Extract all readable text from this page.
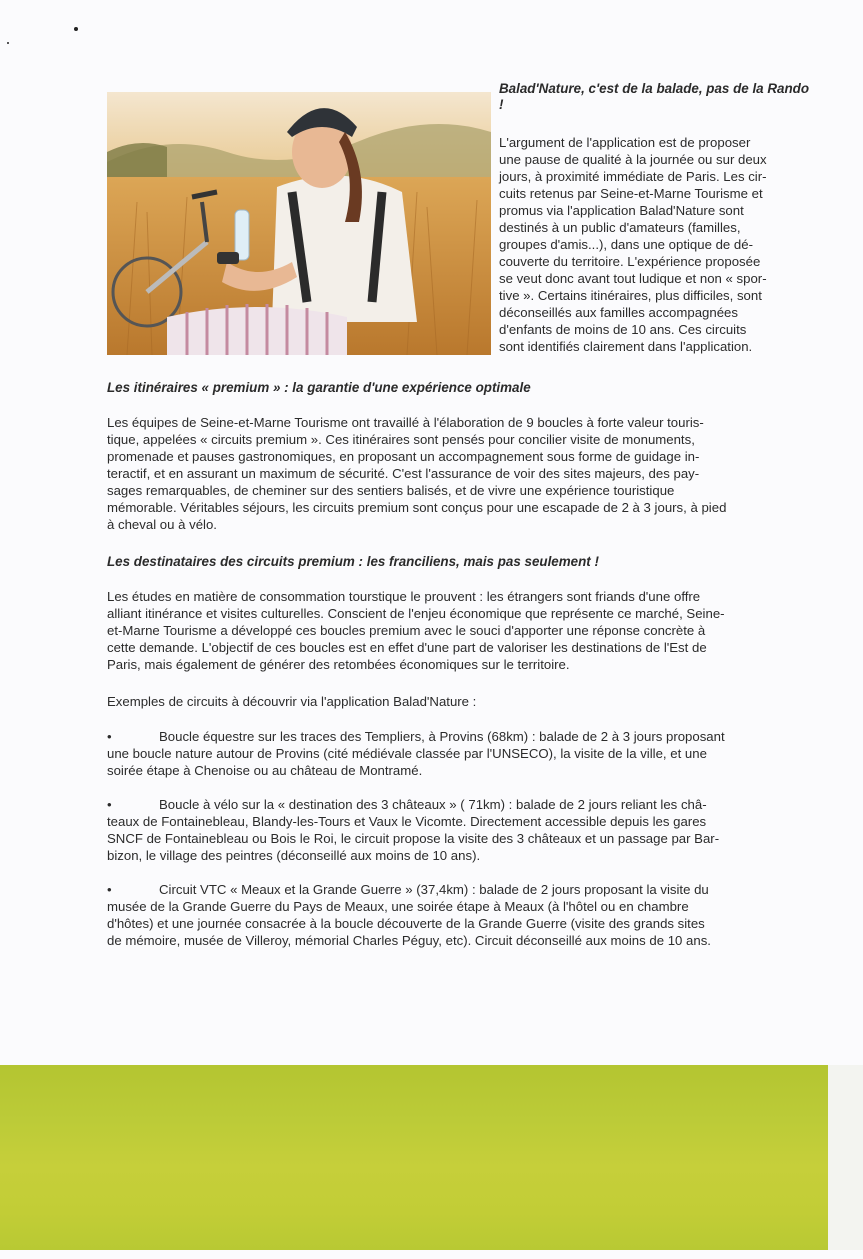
Balad'Nature, c'est de la balade, pas de la Rando !

L'argument de l'application est de proposer

une pause de qualité à la journée ou sur deux

jours, à proximité immédiate de Paris. Les cir-

cuits retenus par Seine-et-Marne Tourisme et

promus via l'application Balad'Nature sont

destinés à un public d'amateurs (familles,

groupes d'amis...), dans une optique de dé-

couverte du territoire. L'expérience proposée

se veut donc avant tout ludique et non « spor-

tive ». Certains itinéraires, plus difficiles, sont

déconseillés aux familles accompagnées

d'enfants de moins de 10 ans. Ces circuits

sont identifiés clairement dans l'application.

Les itinéraires « premium » : la garantie d'une expérience optimale

Les équipes de Seine-et-Marne Tourisme ont travaillé à l'élaboration de 9 boucles à forte valeur touris-

tique, appelées « circuits premium ». Ces itinéraires sont pensés pour concilier visite de monuments,

promenade et pauses gastronomiques, en proposant un accompagnement sous forme de guidage in-

teractif, et en assurant un maximum de sécurité. C'est l'assurance de voir des sites majeurs, des pay-

sages remarquables, de cheminer sur des sentiers balisés, et de vivre une expérience touristique

mémorable. Véritables séjours, les circuits premium sont conçus pour une escapade de 2 à 3 jours, à pied

à cheval ou à vélo.

Les destinataires des circuits premium : les franciliens, mais pas seulement !

Les études en matière de consommation tourstique le prouvent : les étrangers sont friands d'une offre

alliant itinérance et visites culturelles. Conscient de l'enjeu économique que représente ce marché, Seine-

et-Marne Tourisme a développé ces boucles premium avec le souci d'apporter une réponse concrète à

cette demande. L'objectif de ces boucles est en effet d'une part de valoriser les destinations de l'Est de

Paris, mais également de générer des retombées économiques sur le territoire.

Exemples de circuits à découvrir via l'application Balad'Nature :

•	Boucle équestre sur les traces des Templiers, à Provins (68km) : balade de 2 à 3 jours proposant

une boucle nature autour de Provins (cité médiévale classée par l'UNSECO), la visite de la ville, et une

soirée étape à Chenoise ou au château de Montramé.

•	Boucle à vélo sur la « destination des 3 châteaux » ( 71km) : balade de 2 jours reliant les châ-

teaux de Fontainebleau, Blandy-les-Tours et Vaux le Vicomte. Directement accessible depuis les gares

SNCF de Fontainebleau ou Bois le Roi, le circuit propose la visite des 3 châteaux et un passage par Bar-

bizon, le village des peintres (déconseillé aux moins de 10 ans).

•	Circuit VTC « Meaux et la Grande Guerre » (37,4km) : balade de 2 jours proposant la visite du

musée de la Grande Guerre du Pays de Meaux, une soirée étape à Meaux (à l'hôtel ou en chambre

d'hôtes) et une journée consacrée à la boucle découverte de la Grande Guerre (visite des grands sites

de mémoire, musée de Villeroy, mémorial Charles Péguy, etc). Circuit déconseillé aux moins de 10 ans.
